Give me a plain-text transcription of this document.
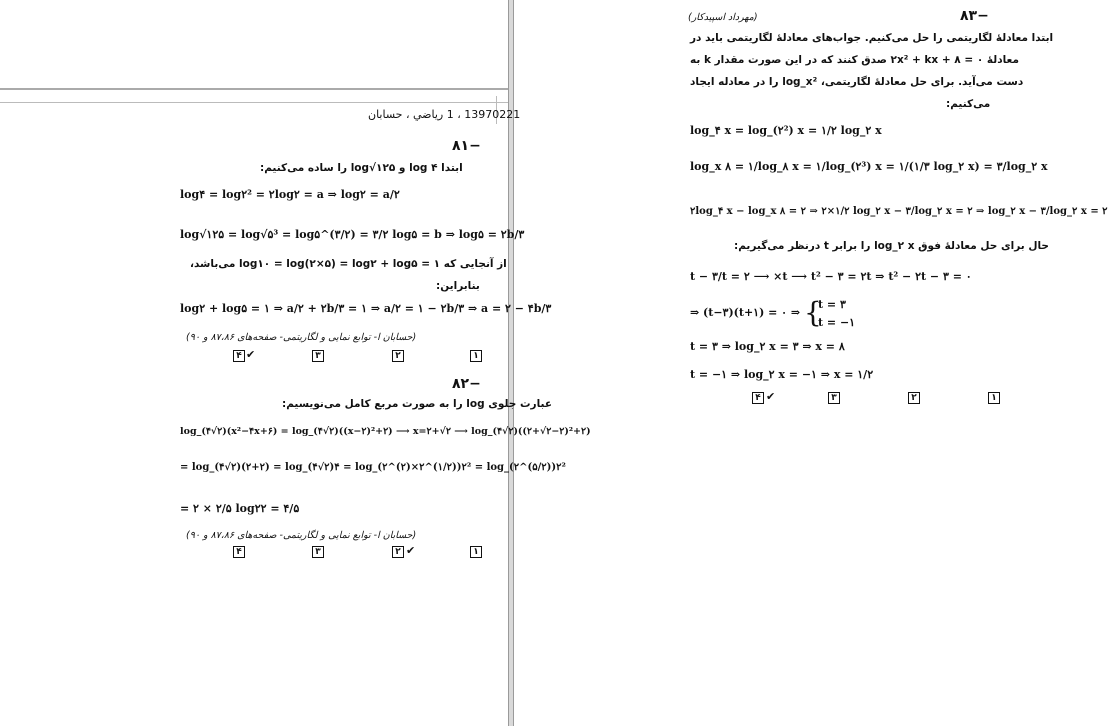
13970221 ، 1 رياضي ، حسابان
۸۱−
ابتدا ۴ log و log√۱۲۵ را ساده می‌کنیم:
log۴ = log۲² = ۲log۲ = a ⇒ log۲ = a/۲
log√۱۲۵ = log√۵³ = log۵^(۳/۲) = ۳/۲ log۵ = b ⇒ log۵ = ۲b/۳
از آنجایی که ۱ = log۱۰ = log(۲×۵) = log۲ + log۵ می‌باشد،
بنابراین:
log۲ + log۵ = ۱ ⇒ a/۲ + ۲b/۳ = ۱ ⇒ a/۲ = ۱ − ۲b/۳ ⇒ a = ۲ − ۴b/۳
(حسابان ا- توابع نمایی و لگاریتمی- صفحه‌های ۸۷،۸۶ و ۹۰)
۴ ✔	۳	۲	۱
۸۲−
عبارت جلوی log را به صورت مربع کامل می‌نویسیم:
log_(۴√۲)(x²−۴x+۶) = log_(۴√۲)((x−۲)²+۲) ⟶ x=۲+√۲ ⟶ log_(۴√۲)((۲+√۲−۲)²+۲)
= log_(۴√۲)(۲+۲) = log_(۴√۲)۴ = log_(۲^(۲)×۲^(۱/۲))۲² = log_(۲^(۵/۲))۲²
= ۲ × ۲/۵ log۲۲ = ۴/۵
(حسابان ا- توابع نمایی و لگاریتمی- صفحه‌های ۸۷،۸۶ و ۹۰)
۴	۳	۲ ✔	۱
۸۳−
(مهرداد اسپیدکار)
ابتدا معادلهٔ لگاریتمی را حل می‌کنیم. جواب‌های معادلهٔ لگاریتمی باید در
معادلهٔ ۰ = ۲x² + kx + ۸ صدق کنند که در این صورت مقدار k به
دست می‌آید. برای حل معادلهٔ لگاریتمی، log_x² را در معادله ایجاد
می‌کنیم:
log_۴ x = log_(۲²) x = ۱/۲ log_۲ x
log_x ۸ = ۱/log_۸ x = ۱/log_(۲³) x = ۱/(۱/۳ log_۲ x) = ۳/log_۲ x
۲log_۴ x − log_x ۸ = ۲ ⇒ ۲×۱/۲ log_۲ x − ۳/log_۲ x = ۲ ⇒ log_۲ x − ۳/log_۲ x = ۲
حال برای حل معادلهٔ فوق log_۲ x را برابر t درنظر می‌گیریم:
t − ۳/t = ۲ ⟶ ×t ⟶ t² − ۳ = ۲t ⇒ t² − ۲t − ۳ = ۰
⇒ (t−۳)(t+۱) = ۰ ⇒ {
t = ۳
t = −۱
t = ۳ ⇒ log_۲ x = ۳ ⇒ x = ۸
t = −۱ ⇒ log_۲ x = −۱ ⇒ x = ۱/۲
۴ ✔	۳	۲	۱
